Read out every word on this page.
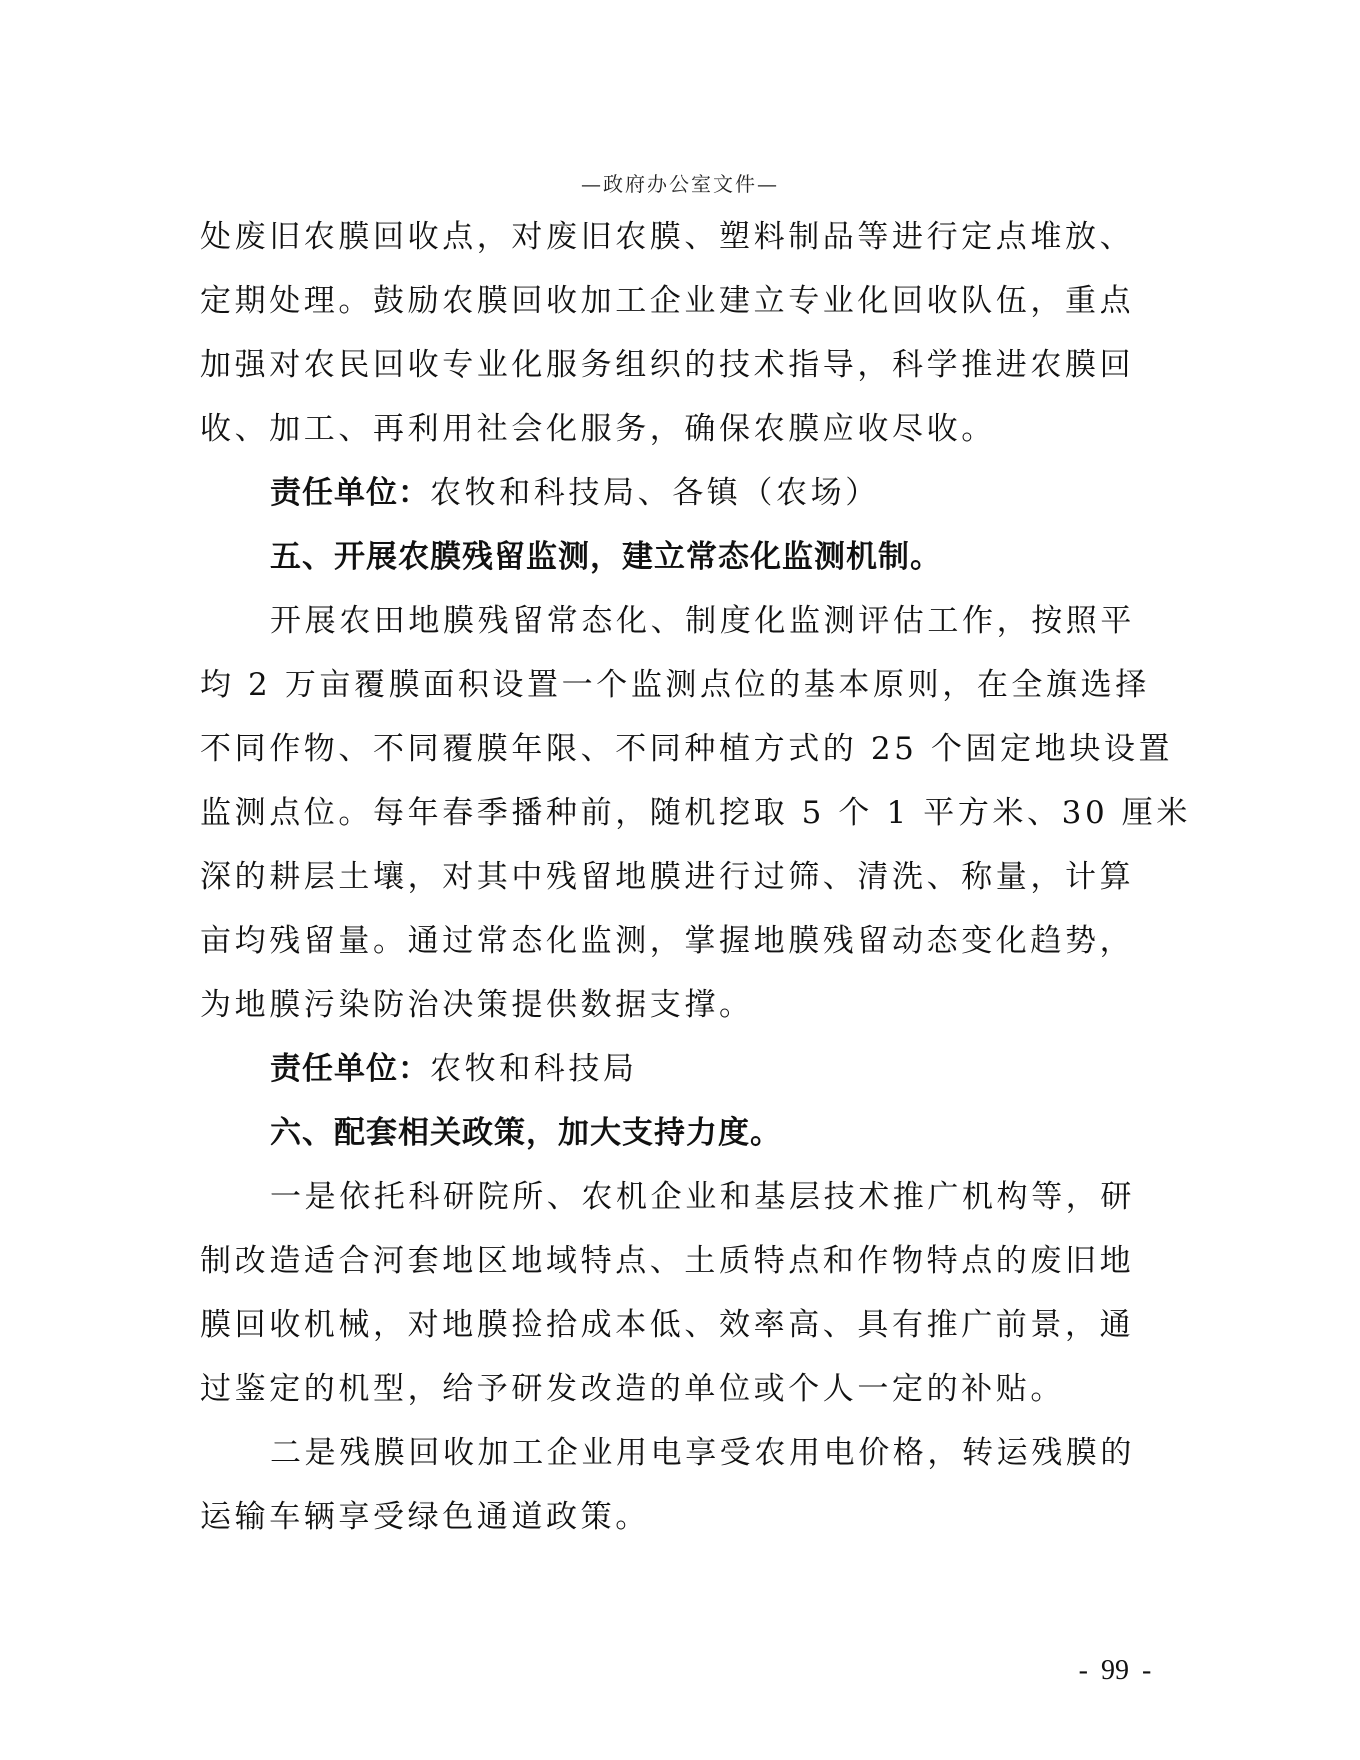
—政府办公室文件—
处废旧农膜回收点，对废旧农膜、塑料制品等进行定点堆放、
定期处理。鼓励农膜回收加工企业建立专业化回收队伍，重点
加强对农民回收专业化服务组织的技术指导，科学推进农膜回
收、加工、再利用社会化服务，确保农膜应收尽收。
责任单位：农牧和科技局、各镇（农场）
五、开展农膜残留监测，建立常态化监测机制。
开展农田地膜残留常态化、制度化监测评估工作，按照平
均 2 万亩覆膜面积设置一个监测点位的基本原则，在全旗选择
不同作物、不同覆膜年限、不同种植方式的 25 个固定地块设置
监测点位。每年春季播种前，随机挖取 5 个 1 平方米、30 厘米
深的耕层土壤，对其中残留地膜进行过筛、清洗、称量，计算
亩均残留量。通过常态化监测，掌握地膜残留动态变化趋势，
为地膜污染防治决策提供数据支撑。
责任单位：农牧和科技局
六、配套相关政策，加大支持力度。
一是依托科研院所、农机企业和基层技术推广机构等，研
制改造适合河套地区地域特点、土质特点和作物特点的废旧地
膜回收机械，对地膜捡拾成本低、效率高、具有推广前景，通
过鉴定的机型，给予研发改造的单位或个人一定的补贴。
二是残膜回收加工企业用电享受农用电价格，转运残膜的
运输车辆享受绿色通道政策。
- 99 -
